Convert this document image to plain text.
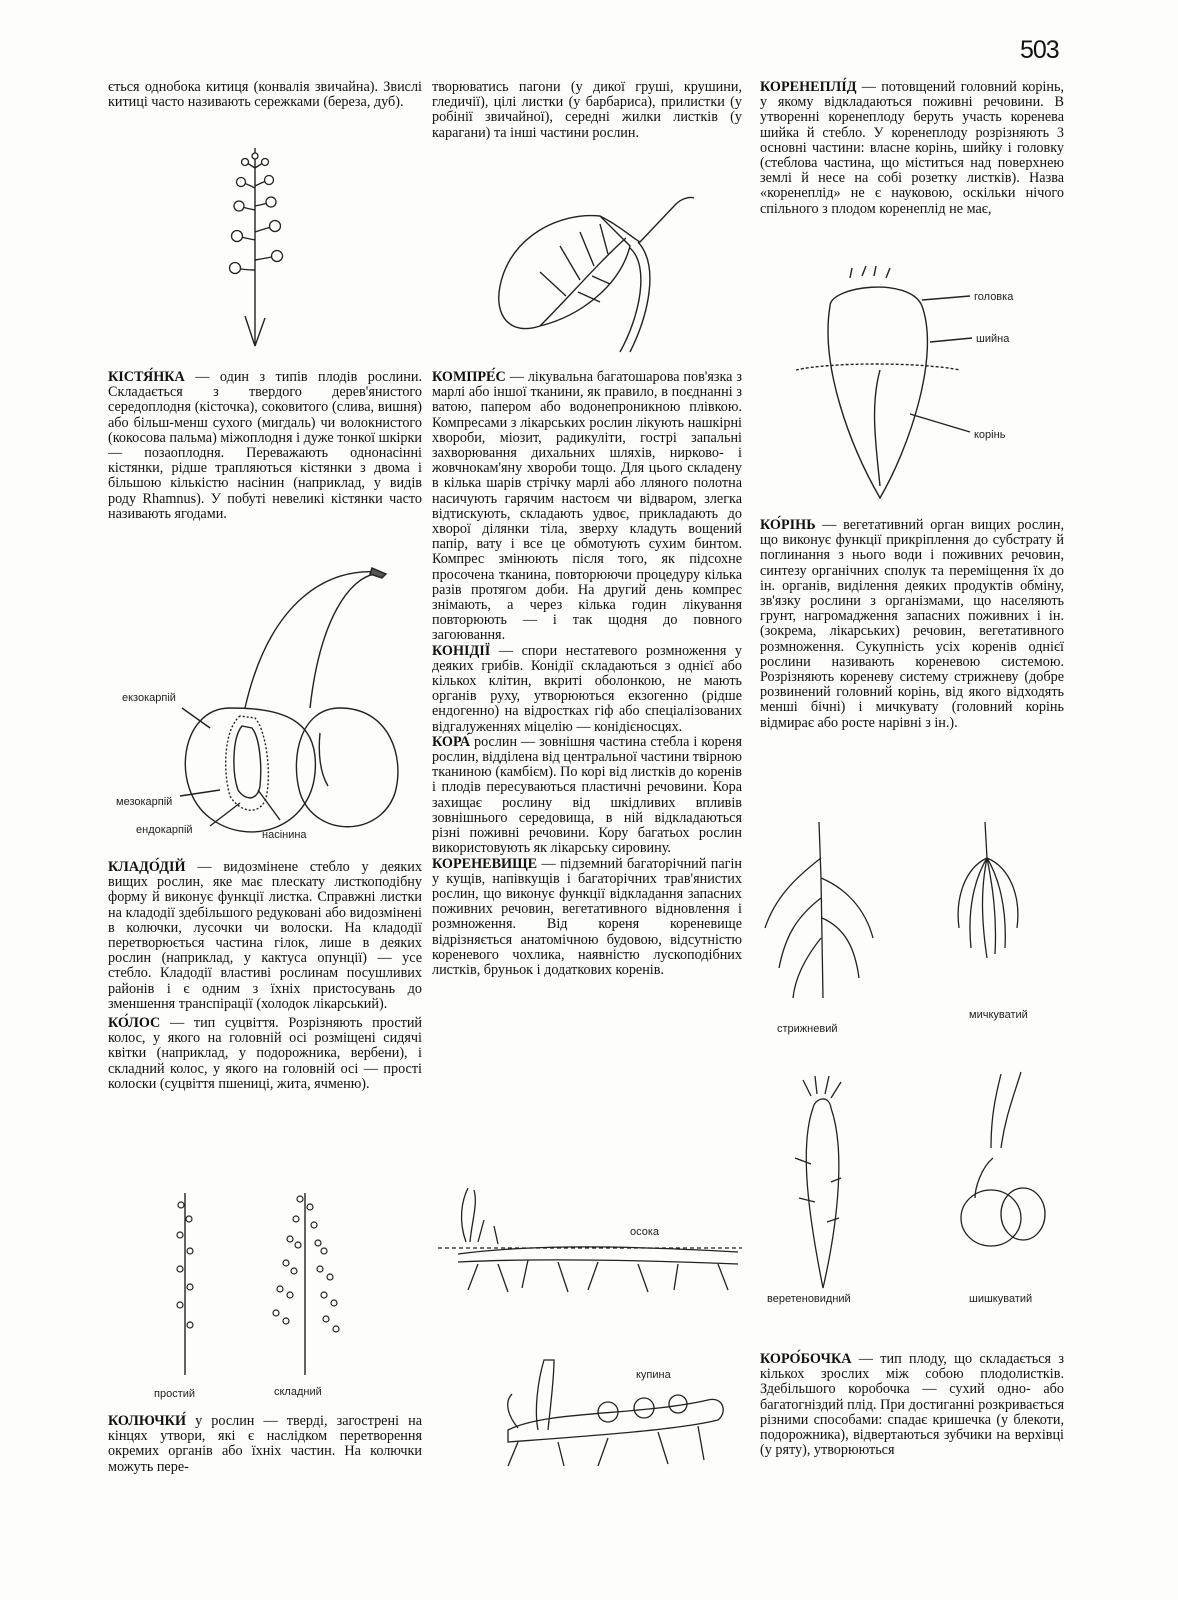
503

ється однобока китиця (конвалія звичайна). Звислі китиці часто називають сережками (береза, дуб).

КІСТЯ́НКА — один з типів плодів рослини. Складається з твердого дерев'янистого середоплодня (кісточка), соковитого (слива, вишня) або більш-менш сухого (мигдаль) чи волокнистого (кокосова пальма) міжоплодня і дуже тонкої шкірки — позаоплодня. Переважають однонасінні кістянки, рідше трапляються кістянки з двома і більшою кількістю насінин (наприклад, у видів роду Rhamnus). У побуті невеликі кістянки часто називають ягодами.

екзокарпій
мезокарпій
ендокарпій	насінина

КЛАДО́ДІЙ — видозмінене стебло у деяких вищих рослин, яке має плескату листкоподібну форму й виконує функції листка. Справжні листки на кладодії здебільшого редуковані або видозмінені в колючки, лусочки чи волоски. На кладодії перетворюється частина гілок, лише в деяких рослин (наприклад, у кактуса опунції) — усе стебло. Кладодії властиві рослинам посушливих районів і є одним з їхніх пристосувань до зменшення транспірації (холодок лікарський).

КО́ЛОС — тип суцвіття. Розрізняють простий колос, у якого на головній осі розміщені сидячі квітки (наприклад, у подорожника, вербени), і складний колос, у якого на головній осі — прості колоски (суцвіття пшениці, жита, ячменю).

простий	складний

КОЛЮЧКИ́ у рослин — тверді, загострені на кінцях утвори, які є наслідком перетворення окремих органів або їхніх частин. На колючки можуть пере-

творюватись пагони (у дикої груші, крушини, гледичії), цілі листки (у барбариса), прилистки (у робінії звичайної), середні жилки листків (у карагани) та інші частини рослин.

КОМПРЕ́С — лікувальна багатошарова пов'язка з марлі або іншої тканини, як правило, в поєднанні з ватою, папером або водонепроникною плівкою. Компресами з лікарських рослин лікують нашкірні хвороби, міозит, радикуліти, гострі запальні захворювання дихальних шляхів, нирково- і жовчнокам'яну хвороби тощо. Для цього складену в кілька шарів стрічку марлі або лляного полотна насичують гарячим настоєм чи відваром, злегка відтискують, складають удвоє, прикладають до хворої ділянки тіла, зверху кладуть вощений папір, вату і все це обмотують сухим бинтом. Компрес змінюють після того, як підсохне просочена тканина, повторюючи процедуру кілька разів протягом доби. На другий день компрес знімають, а через кілька годин лікування повторюють — і так щодня до повного загоювання.

КОНІДІЇ — спори нестатевого розмноження у деяких грибів. Конідії складаються з однієї або кількох клітин, вкриті оболонкою, не мають органів руху, утворюються екзогенно (рідше ендогенно) на відростках гіф або спеціалізованих відгалуженнях міцелію — конідієносцях.

КОРА́ рослин — зовнішня частина стебла і кореня рослин, відділена від центральної частини твірною тканиною (камбієм). По корі від листків до коренів і плодів пересуваються пластичні речовини. Кора захищає рослину від шкідливих впливів зовнішнього середовища, в ній відкладаються різні поживні речовини. Кору багатьох рослин використовують як лікарську сировину.

КОРЕНЕВИЩЕ — підземний багаторічний пагін у кущів, напівкущів і багаторічних трав'янистих рослин, що виконує функції відкладання запасних поживних речовин, вегетативного відновлення і розмноження. Від кореня кореневище відрізняється анатомічною будовою, відсутністю кореневого чохлика, наявністю лускоподібних листків, бруньок і додаткових коренів.

осока
купина

КОРЕНЕПЛІ́Д — потовщений головний корінь, у якому відкладаються поживні речовини. В утворенні коренеплоду беруть участь коренева шийка й стебло. У коренеплоду розрізняють 3 основні частини: власне корінь, шийку і головку (стеблова частина, що міститься над поверхнею землі й несе на собі розетку листків). Назва «коренеплід» не є науковою, оскільки нічого спільного з плодом коренеплід не має,

головка
шийна
корінь

КО́РІНЬ — вегетативний орган вищих рослин, що виконує функції прикріплення до субстрату й поглинання з нього води і поживних речовин, синтезу органічних сполук та переміщення їх до ін. органів, виділення деяких продуктів обміну, зв'язку рослини з організмами, що населяють грунт, нагромадження запасних поживних і ін. (зокрема, лікарських) речовин, вегетативного розмноження. Сукупність усіх коренів однієї рослини називають кореневою системою. Розрізняють кореневу систему стрижневу (добре розвинений головний корінь, від якого відходять менші бічні) і мичкувату (головний корінь відмирає або росте нарівні з ін.).

стрижневий
мичкуватий
веретеновидний	шишкуватий

КОРО́БОЧКА — тип плоду, що складається з кількох зрослих між собою плодолистків. Здебільшого коробочка — сухий одно- або багатогніздий плід. При достиганні розкривається різними способами: спадає кришечка (у блекоти, подорожника), відвертаються зубчики на верхівці (у ряту), утворюються
